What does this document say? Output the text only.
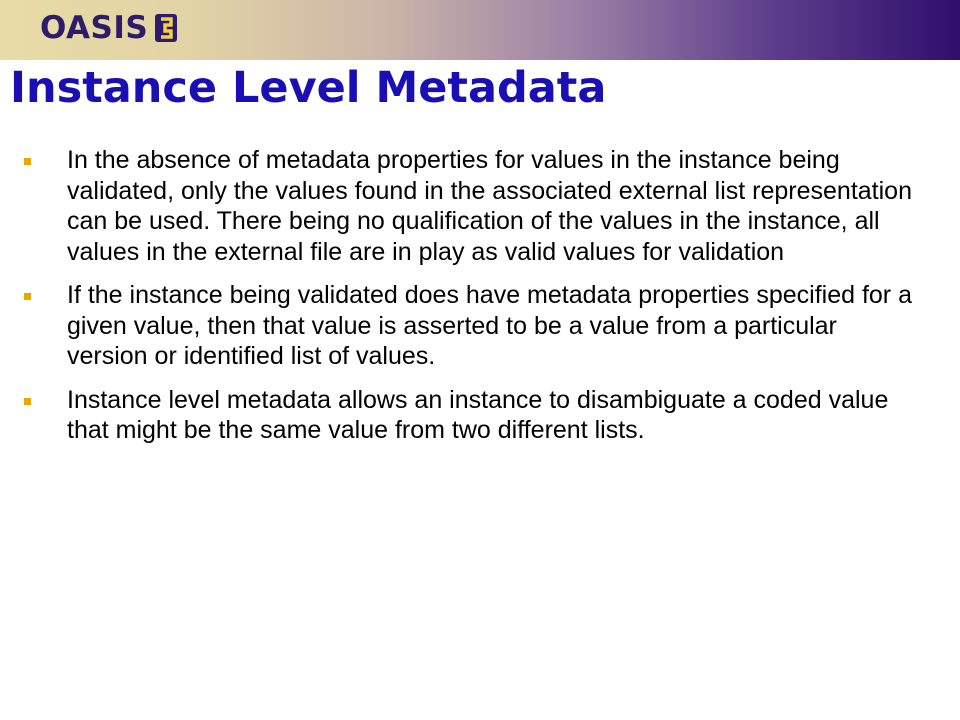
OASIS
Instance Level Metadata
In the absence of metadata properties for values in the instance being validated, only the values found in the associated external list representation can be used. There being no qualification of the values in the instance, all values in the external file are in play as valid values for validation
If the instance being validated does have metadata properties specified for a given value, then that value is asserted to be a value from a particular version or identified list of values.
Instance level metadata allows an instance to disambiguate a coded value that might be the same value from two different lists.
